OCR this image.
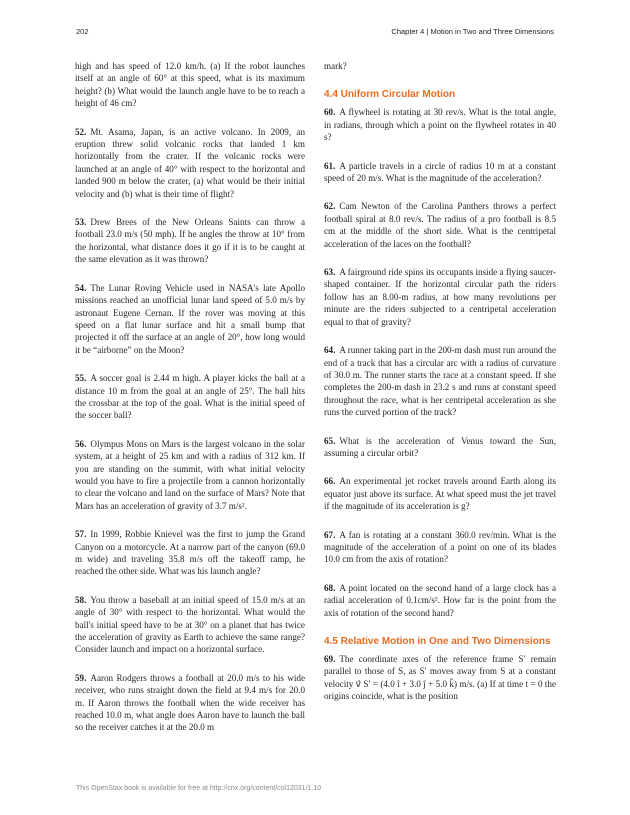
202	Chapter 4 | Motion in Two and Three Dimensions

high and has speed of 12.0 km/h. (a) If the robot launches itself at an angle of 60° at this speed, what is its maximum height? (b) What would the launch angle have to be to reach a height of 46 cm?

52. Mt. Asama, Japan, is an active volcano. In 2009, an eruption threw solid volcanic rocks that landed 1 km horizontally from the crater. If the volcanic rocks were launched at an angle of 40° with respect to the horizontal and landed 900 m below the crater, (a) what would be their initial velocity and (b) what is their time of flight?

53. Drew Brees of the New Orleans Saints can throw a football 23.0 m/s (50 mph). If he angles the throw at 10° from the horizontal, what distance does it go if it is to be caught at the same elevation as it was thrown?

54. The Lunar Roving Vehicle used in NASA's late Apollo missions reached an unofficial lunar land speed of 5.0 m/s by astronaut Eugene Cernan. If the rover was moving at this speed on a flat lunar surface and hit a small bump that projected it off the surface at an angle of 20°, how long would it be “airborne” on the Moon?

55. A soccer goal is 2.44 m high. A player kicks the ball at a distance 10 m from the goal at an angle of 25°. The ball hits the crossbar at the top of the goal. What is the initial speed of the soccer ball?

56. Olympus Mons on Mars is the largest volcano in the solar system, at a height of 25 km and with a radius of 312 km. If you are standing on the summit, with what initial velocity would you have to fire a projectile from a cannon horizontally to clear the volcano and land on the surface of Mars? Note that Mars has an acceleration of gravity of 3.7 m/s².

57. In 1999, Robbie Knievel was the first to jump the Grand Canyon on a motorcycle. At a narrow part of the canyon (69.0 m wide) and traveling 35.8 m/s off the takeoff ramp, he reached the other side. What was his launch angle?

58. You throw a baseball at an initial speed of 15.0 m/s at an angle of 30° with respect to the horizontal. What would the ball's initial speed have to be at 30° on a planet that has twice the acceleration of gravity as Earth to achieve the same range? Consider launch and impact on a horizontal surface.

59. Aaron Rodgers throws a football at 20.0 m/s to his wide receiver, who runs straight down the field at 9.4 m/s for 20.0 m. If Aaron throws the football when the wide receiver has reached 10.0 m, what angle does Aaron have to launch the ball so the receiver catches it at the 20.0 m

mark?

4.4 Uniform Circular Motion

60. A flywheel is rotating at 30 rev/s. What is the total angle, in radians, through which a point on the flywheel rotates in 40 s?

61. A particle travels in a circle of radius 10 m at a constant speed of 20 m/s. What is the magnitude of the acceleration?

62. Cam Newton of the Carolina Panthers throws a perfect football spiral at 8.0 rev/s. The radius of a pro football is 8.5 cm at the middle of the short side. What is the centripetal acceleration of the laces on the football?

63. A fairground ride spins its occupants inside a flying saucer-shaped container. If the horizontal circular path the riders follow has an 8.00-m radius, at how many revolutions per minute are the riders subjected to a centripetal acceleration equal to that of gravity?

64. A runner taking part in the 200-m dash must run around the end of a track that has a circular arc with a radius of curvature of 30.0 m. The runner starts the race at a constant speed. If she completes the 200-m dash in 23.2 s and runs at constant speed throughout the race, what is her centripetal acceleration as she runs the curved portion of the track?

65. What is the acceleration of Venus toward the Sun, assuming a circular orbit?

66. An experimental jet rocket travels around Earth along its equator just above its surface. At what speed must the jet travel if the magnitude of its acceleration is g?

67. A fan is rotating at a constant 360.0 rev/min. What is the magnitude of the acceleration of a point on one of its blades 10.0 cm from the axis of rotation?

68. A point located on the second hand of a large clock has a radial acceleration of 0.1cm/s². How far is the point from the axis of rotation of the second hand?

4.5 Relative Motion in One and Two Dimensions

69. The coordinate axes of the reference frame S′ remain parallel to those of S, as S′ moves away from S at a constant velocity v⃗ S′ = (4.0 î + 3.0 ĵ + 5.0 k̂) m/s. (a) If at time t = 0 the origins coincide, what is the position

This OpenStax book is available for free at http://cnx.org/content/col12031/1.10
